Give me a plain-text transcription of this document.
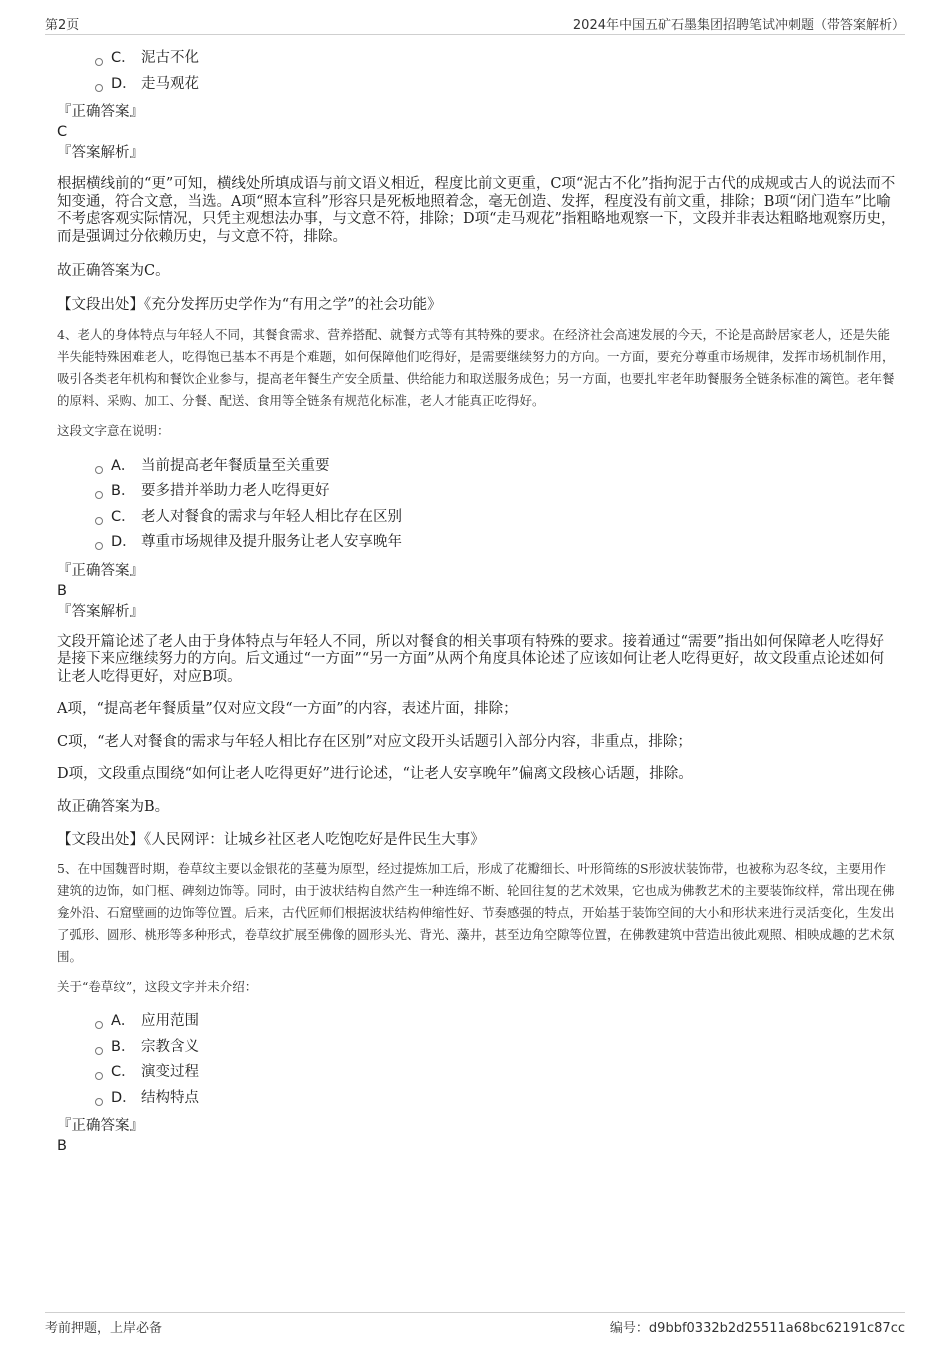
第2页	2024年中国五矿石墨集团招聘笔试冲刺题（带答案解析）
C． 泥古不化
D． 走马观花
『正确答案』
C
『答案解析』

根据横线前的“更”可知，横线处所填成语与前文语义相近，程度比前文更重，C项“泥古不化”指拘泥于古代的成规或古人的说法而不知变通，符合文意，当选。A项“照本宣科”形容只是死板地照着念，毫无创造、发挥，程度没有前文重，排除；B项“闭门造车”比喻不考虑客观实际情况，只凭主观想法办事，与文意不符，排除；D项“走马观花”指粗略地观察一下，文段并非表达粗略地观察历史，而是强调过分依赖历史，与文意不符，排除。

故正确答案为C。

【文段出处】《充分发挥历史学作为“有用之学”的社会功能》

4、老人的身体特点与年轻人不同，其餐食需求、营养搭配、就餐方式等有其特殊的要求。在经济社会高速发展的今天，不论是高龄居家老人，还是失能半失能特殊困难老人，吃得饱已基本不再是个难题，如何保障他们吃得好，是需要继续努力的方向。一方面，要充分尊重市场规律，发挥市场机制作用，吸引各类老年机构和餐饮企业参与，提高老年餐生产安全质量、供给能力和取送服务成色；另一方面，也要扎牢老年助餐服务全链条标准的篱笆。老年餐的原料、采购、加工、分餐、配送、食用等全链条有规范化标准，老人才能真正吃得好。

这段文字意在说明：
A． 当前提高老年餐质量至关重要
B． 要多措并举助力老人吃得更好
C． 老人对餐食的需求与年轻人相比存在区别
D． 尊重市场规律及提升服务让老人安享晚年
『正确答案』
B
『答案解析』

文段开篇论述了老人由于身体特点与年轻人不同，所以对餐食的相关事项有特殊的要求。接着通过“需要”指出如何保障老人吃得好是接下来应继续努力的方向。后文通过“一方面”“另一方面”从两个角度具体论述了应该如何让老人吃得更好，故文段重点论述如何让老人吃得更好，对应B项。

A项，“提高老年餐质量”仅对应文段“一方面”的内容，表述片面，排除；

C项，“老人对餐食的需求与年轻人相比存在区别”对应文段开头话题引入部分内容，非重点，排除；

D项，文段重点围绕“如何让老人吃得更好”进行论述，“让老人安享晚年”偏离文段核心话题，排除。

故正确答案为B。

【文段出处】《人民网评：让城乡社区老人吃饱吃好是件民生大事》

5、在中国魏晋时期，卷草纹主要以金银花的茎蔓为原型，经过提炼加工后，形成了花瓣细长、叶形简练的S形波状装饰带，也被称为忍冬纹，主要用作建筑的边饰，如门框、碑刻边饰等。同时，由于波状结构自然产生一种连绵不断、轮回往复的艺术效果，它也成为佛教艺术的主要装饰纹样，常出现在佛龛外沿、石窟壁画的边饰等位置。后来，古代匠师们根据波状结构伸缩性好、节奏感强的特点，开始基于装饰空间的大小和形状来进行灵活变化，生发出了弧形、圆形、桃形等多种形式，卷草纹扩展至佛像的圆形头光、背光、藻井，甚至边角空隙等位置，在佛教建筑中营造出彼此观照、相映成趣的艺术氛围。

关于“卷草纹”，这段文字并未介绍：
A． 应用范围
B． 宗教含义
C． 演变过程
D． 结构特点
『正确答案』
B
考前押题，上岸必备	编号：d9bbf0332b2d25511a68bc62191c87cc
